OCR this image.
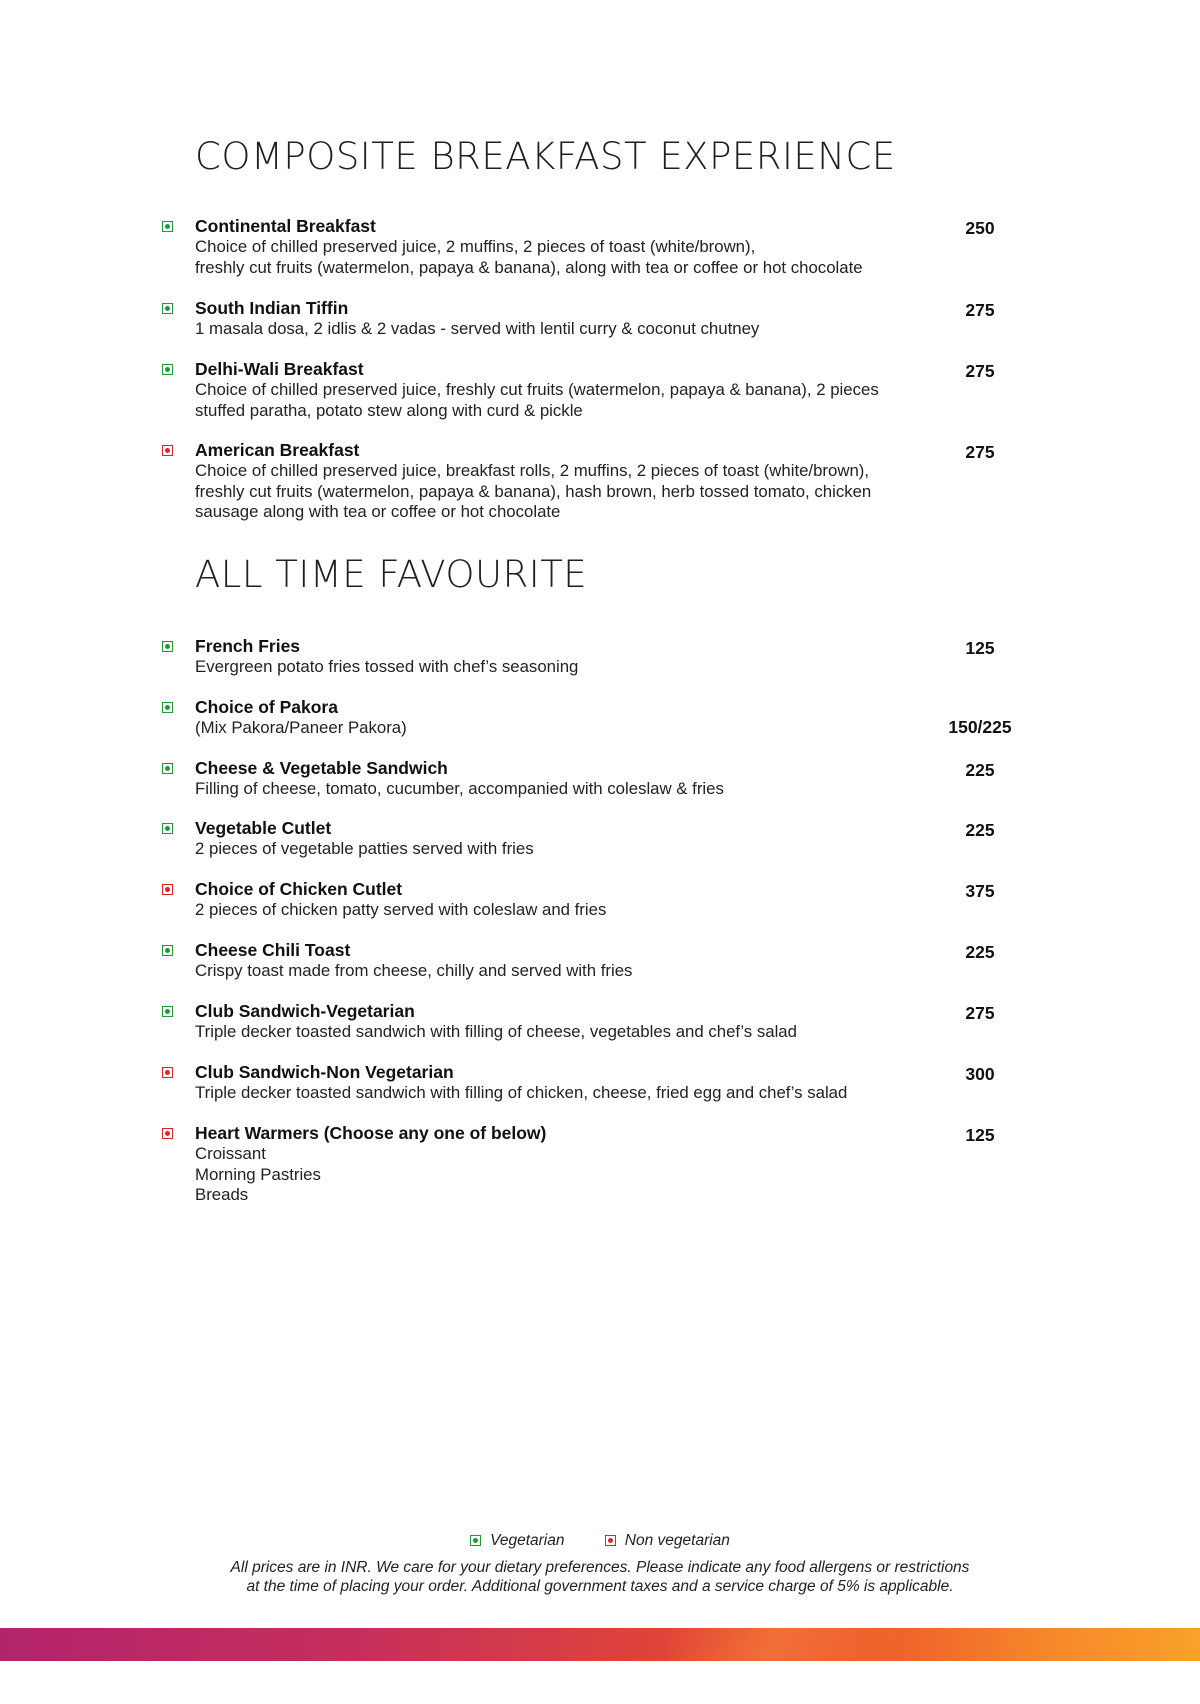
COMPOSITE BREAKFAST EXPERIENCE
Continental Breakfast
Choice of chilled preserved juice, 2 muffins, 2 pieces of toast (white/brown),
freshly cut fruits (watermelon, papaya & banana), along with tea or coffee or hot chocolate
250
South Indian Tiffin
1 masala dosa, 2 idlis & 2 vadas - served with lentil curry & coconut chutney
275
Delhi-Wali Breakfast
Choice of chilled preserved juice, freshly cut fruits (watermelon, papaya & banana), 2 pieces
stuffed paratha, potato stew along with curd & pickle
275
American Breakfast
Choice of chilled preserved juice, breakfast rolls, 2 muffins, 2 pieces of toast (white/brown),
freshly cut fruits (watermelon, papaya & banana), hash brown, herb tossed tomato, chicken
sausage along with tea or coffee or hot chocolate
275
ALL TIME FAVOURITE
French Fries
Evergreen potato fries tossed with chef’s seasoning
125
Choice of Pakora
(Mix Pakora/Paneer Pakora)	150/225
Cheese & Vegetable Sandwich
Filling of cheese, tomato, cucumber, accompanied with coleslaw & fries
225
Vegetable Cutlet
2 pieces of vegetable patties served with fries
225
Choice of Chicken Cutlet
2 pieces of chicken patty served with coleslaw and fries
375
Cheese Chili Toast
Crispy toast made from cheese, chilly and served with fries
225
Club Sandwich-Vegetarian
Triple decker toasted sandwich with filling of cheese, vegetables and chef’s salad
275
Club Sandwich-Non Vegetarian
Triple decker toasted sandwich with filling of chicken, cheese, fried egg and chef’s salad
300
Heart Warmers (Choose any one of below)
Croissant
Morning Pastries
Breads
125
Vegetarian	Non vegetarian
All prices are in INR. We care for your dietary preferences. Please indicate any food allergens or restrictions
at the time of placing your order. Additional government taxes and a service charge of 5% is applicable.
